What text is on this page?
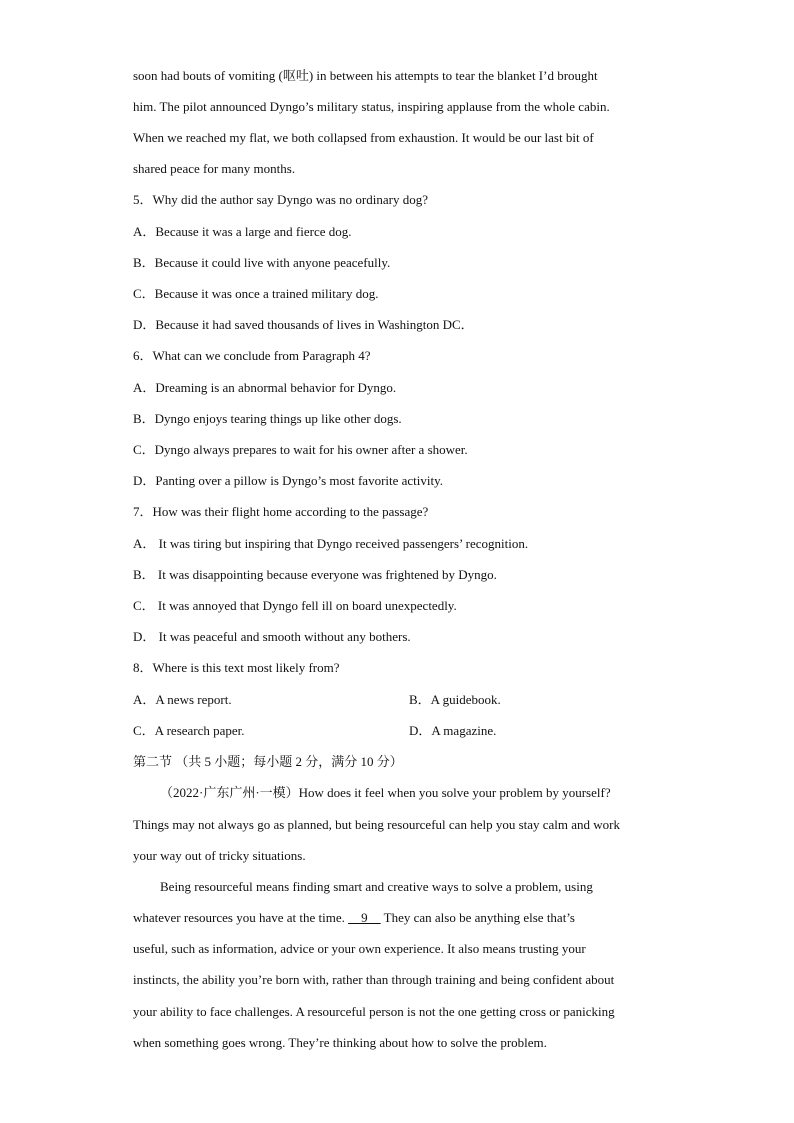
soon had bouts of vomiting (呕吐) in between his attempts to tear the blanket I’d brought
him. The pilot announced Dyngo’s military status, inspiring applause from the whole cabin.
When we reached my flat, we both collapsed from exhaustion. It would be our last bit of
shared peace for many months.
5．Why did the author say Dyngo was no ordinary dog?
A．Because it was a large and fierce dog.
B．Because it could live with anyone peacefully.
C．Because it was once a trained military dog.
D．Because it had saved thousands of lives in Washington DC．
6．What can we conclude from Paragraph 4?
A．Dreaming is an abnormal behavior for Dyngo.
B．Dyngo enjoys tearing things up like other dogs.
C．Dyngo always prepares to wait for his owner after a shower.
D．Panting over a pillow is Dyngo’s most favorite activity.
7．How was their flight home according to the passage?
A． It was tiring but inspiring that Dyngo received passengers’ recognition.
B． It was disappointing because everyone was frightened by Dyngo.
C． It was annoyed that Dyngo fell ill on board unexpectedly.
D． It was peaceful and smooth without any bothers.
8．Where is this text most likely from?
A．A news report.	B．A guidebook.
C．A research paper.	D．A magazine.
第二节 （共 5 小题；每小题 2 分，满分 10 分）
（2022·广东广州·一模）How does it feel when you solve your problem by yourself?
Things may not always go as planned, but being resourceful can help you stay calm and work
your way out of tricky situations.
Being resourceful means finding smart and creative ways to solve a problem, using
whatever resources you have at the time.     9     They can also be anything else that’s
useful, such as information, advice or your own experience. It also means trusting your
instincts, the ability you’re born with, rather than through training and being confident about
your ability to face challenges. A resourceful person is not the one getting cross or panicking
when something goes wrong. They’re thinking about how to solve the problem.
